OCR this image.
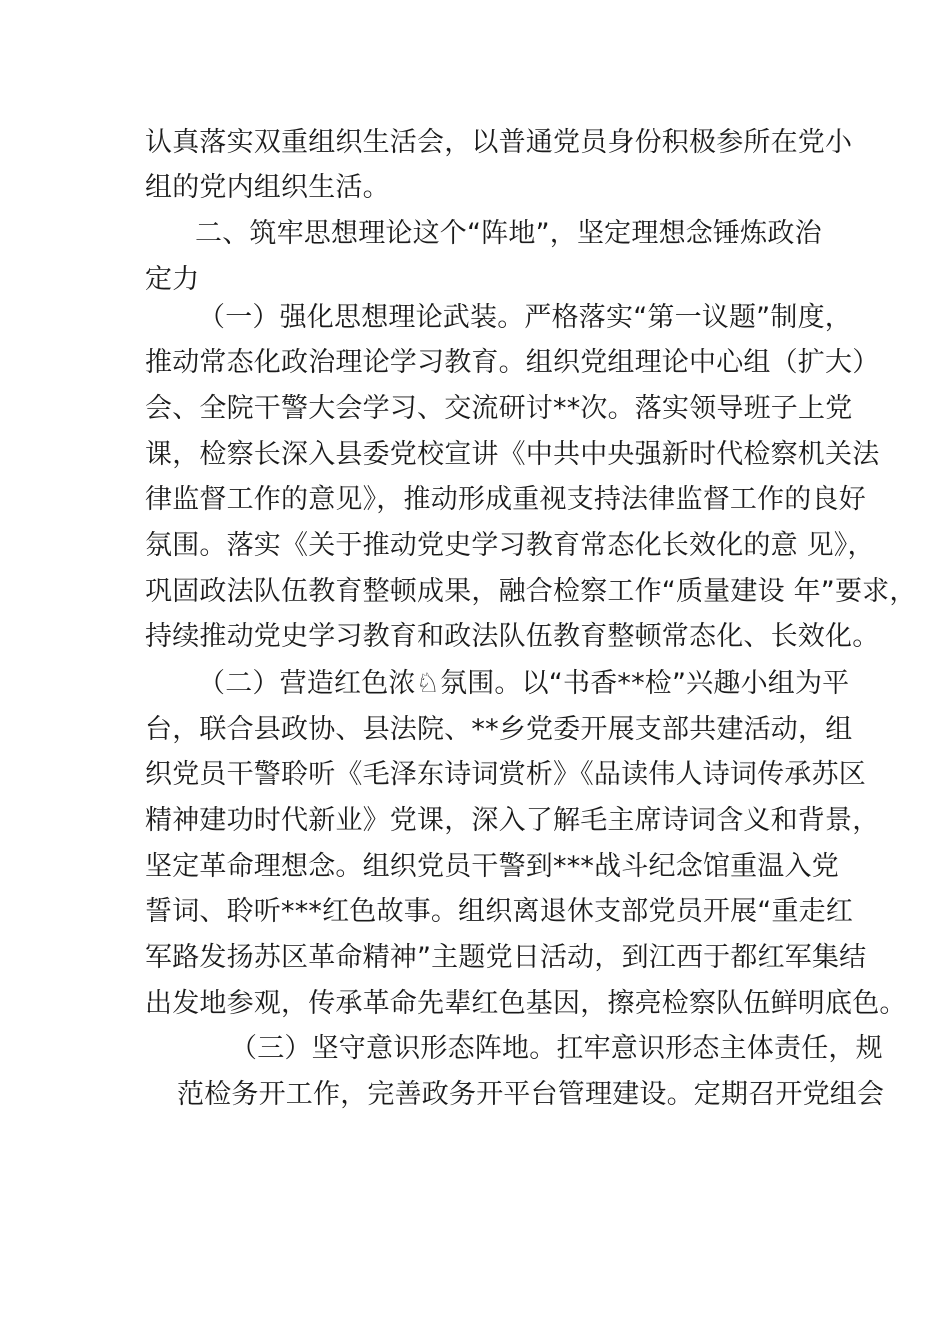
认真落实双重组织生活会，以普通党员身份积极参所在党小
组的党内组织生活。
二、筑牢思想理论这个“阵地”，坚定理想念锤炼政治
定力
（一）强化思想理论武装。严格落实“第一议题”制度，
推动常态化政治理论学习教育。组织党组理论中心组（扩大）
会、全院干警大会学习、交流研讨**次。落实领导班子上党
课，检察长深入县委党校宣讲《中共中央强新时代检察机关法
律监督工作的意见》，推动形成重视支持法律监督工作的良好
氛围。落实《关于推动党史学习教育常态化长效化的意 见》，
巩固政法队伍教育整顿成果，融合检察工作“质量建设 年”要求，
持续推动党史学习教育和政法队伍教育整顿常态化、长效化。
（二）营造红色浓♘氛围。以“书香**检”兴趣小组为平
台，联合县政协、县法院、**乡党委开展支部共建活动，组
织党员干警聆听《毛泽东诗词赏析》《品读伟人诗词传承苏区
精神建功时代新业》党课，深入了解毛主席诗词含义和背景，
坚定革命理想念。组织党员干警到***战斗纪念馆重温入党
誓词、聆听***红色故事。组织离退休支部党员开展“重走红
军路发扬苏区革命精神”主题党日活动，到江西于都红军集结
出发地参观，传承革命先辈红色基因，擦亮检察队伍鲜明底色。
（三）坚守意识形态阵地。扛牢意识形态主体责任，规
范检务开工作，完善政务开平台管理建设。定期召开党组会
